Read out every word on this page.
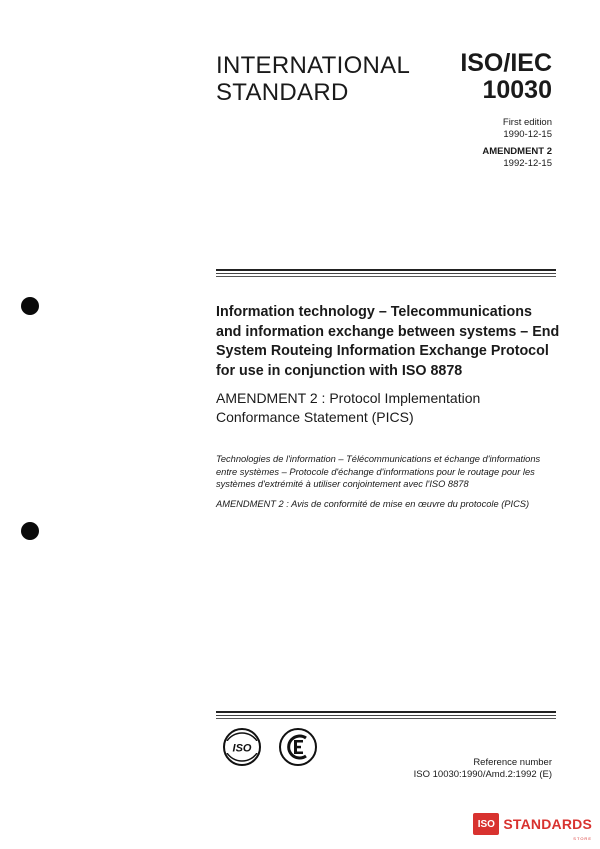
INTERNATIONAL
STANDARD
ISO/IEC
10030
First edition
1990-12-15
AMENDMENT 2
1992-12-15
Information technology – Telecommunications and information exchange between systems – End System Routeing Information Exchange Protocol for use in conjunction with ISO 8878
AMENDMENT 2 : Protocol Implementation Conformance Statement (PICS)
Technologies de l'information – Télécommunications et échange d'informations entre systèmes – Protocole d'échange d'informations pour le routage pour les systèmes d'extrémité à utiliser conjointement avec l'ISO 8878
AMENDMENT 2 : Avis de conformité de mise en œuvre du protocole (PICS)
ISO
Reference number
ISO 10030:1990/Amd.2:1992 (E)
ISO STANDARDS
STORE
